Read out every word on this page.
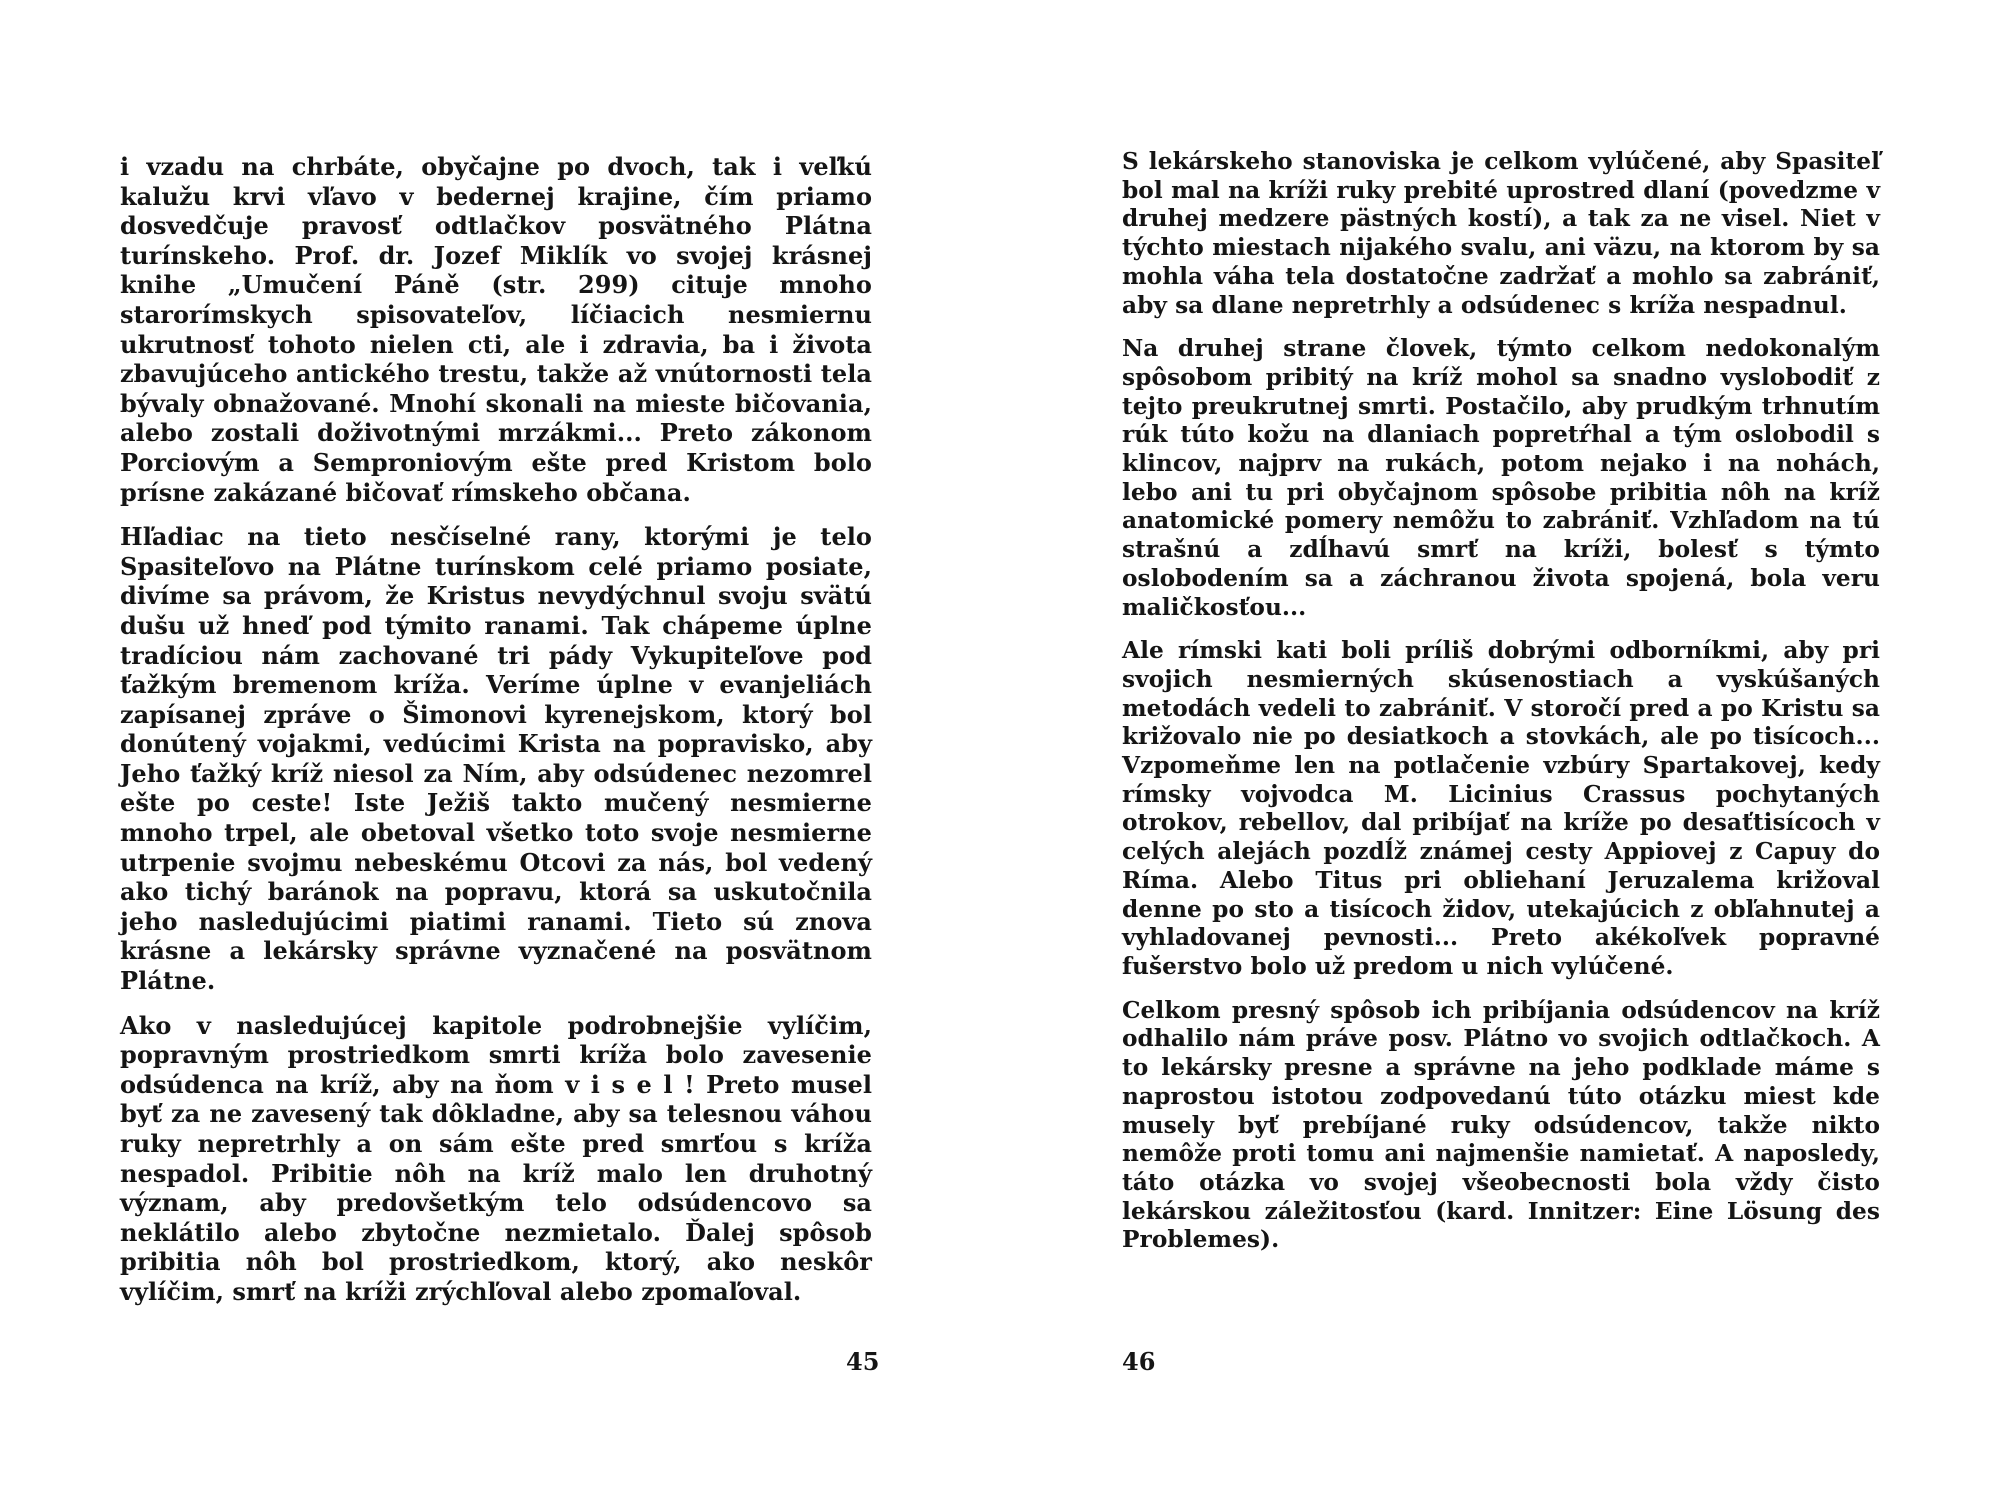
i vzadu na chrbáte, obyčajne po dvoch, tak i veľkú kalužu krvi vľavo v bedernej krajine, čím priamo dosvedčuje pravosť odtlačkov posvätného Plátna turínskeho. Prof. dr. Jozef Miklík vo svojej krásnej knihe „Umučení Páně (str. 299) cituje mnoho starorímskych spisovateľov, líčiacich nesmiernu ukrutnosť tohoto nielen cti, ale i zdravia, ba i života zbavujúceho antického trestu, takže až vnútornosti tela bývaly obnažované. Mnohí skonali na mieste bičovania, alebo zostali doživotnými mrzákmi... Preto zákonom Porciovým a Semproniovým ešte pred Kristom bolo prísne zakázané bičovať rímskeho občana.

Hľadiac na tieto nesčíselné rany, ktorými je telo Spasiteľovo na Plátne turínskom celé priamo posiate, divíme sa právom, že Kristus nevydýchnul svoju svätú dušu už hneď pod týmito ranami. Tak chápeme úplne tradíciou nám zachované tri pády Vykupiteľove pod ťažkým bremenom kríža. Veríme úplne v evanjeliách zapísanej zpráve o Šimonovi kyrenejskom, ktorý bol donútený vojakmi, vedúcimi Krista na popravisko, aby Jeho ťažký kríž niesol za Ním, aby odsúdenec nezomrel ešte po ceste! Iste Ježiš takto mučený nesmierne mnoho trpel, ale obetoval všetko toto svoje nesmierne utrpenie svojmu nebeskému Otcovi za nás, bol vedený ako tichý baránok na popravu, ktorá sa uskutočnila jeho nasledujúcimi piatimi ranami. Tieto sú znova krásne a lekársky správne vyznačené na posvätnom Plátne.

Ako v nasledujúcej kapitole podrobnejšie vylíčim, popravným prostriedkom smrti kríža bolo zavesenie odsúdenca na kríž, aby na ňom v i s e l ! Preto musel byť za ne zavesený tak dôkladne, aby sa telesnou váhou ruky nepretrhly a on sám ešte pred smrťou s kríža nespadol. Pribitie nôh na kríž malo len druhotný význam, aby predovšetkým telo odsúdencovo sa neklátilo alebo zbytočne nezmietalo. Ďalej spôsob pribitia nôh bol prostriedkom, ktorý, ako neskôr vylíčim, smrť na kríži zrýchľoval alebo zpomaľoval.

45

S lekárskeho stanoviska je celkom vylúčené, aby Spasiteľ bol mal na kríži ruky prebité uprostred dlaní (povedzme v druhej medzere pästných kostí), a tak za ne visel. Niet v týchto miestach nijakého svalu, ani väzu, na ktorom by sa mohla váha tela dostatočne zadržať a mohlo sa zabrániť, aby sa dlane nepretrhly a odsúdenec s kríža nespadnul.

Na druhej strane človek, týmto celkom nedokonalým spôsobom pribitý na kríž mohol sa snadno vyslobodiť z tejto preukrutnej smrti. Postačilo, aby prudkým trhnutím rúk túto kožu na dlaniach popretŕhal a tým oslobodil s klincov, najprv na rukách, potom nejako i na nohách, lebo ani tu pri obyčajnom spôsobe pribitia nôh na kríž anatomické pomery nemôžu to zabrániť. Vzhľadom na tú strašnú a zdĺhavú smrť na kríži, bolesť s týmto oslobodením sa a záchranou života spojená, bola veru maličkosťou...

Ale rímski kati boli príliš dobrými odborníkmi, aby pri svojich nesmierných skúsenostiach a vyskúšaných metodách vedeli to zabrániť. V storočí pred a po Kristu sa križovalo nie po desiatkoch a stovkách, ale po tisícoch... Vzpomeňme len na potlačenie vzbúry Spartakovej, kedy rímsky vojvodca M. Licinius Crassus pochytaných otrokov, rebellov, dal pribíjať na kríže po desaťtisícoch v celých alejách pozdĺž známej cesty Appiovej z Capuy do Ríma. Alebo Titus pri obliehaní Jeruzalema križoval denne po sto a tisícoch židov, utekajúcich z obľahnutej a vyhladovanej pevnosti... Preto akékoľvek popravné fušerstvo bolo už predom u nich vylúčené.

Celkom presný spôsob ich pribíjania odsúdencov na kríž odhalilo nám práve posv. Plátno vo svojich odtlačkoch. A to lekársky presne a správne na jeho podklade máme s naprostou istotou zodpovedanú túto otázku miest kde musely byť prebíjané ruky odsúdencov, takže nikto nemôže proti tomu ani najmenšie namietať. A naposledy, táto otázka vo svojej všeobecnosti bola vždy čisto lekárskou záležitosťou (kard. Innitzer: Eine Lösung des Problemes).

46
